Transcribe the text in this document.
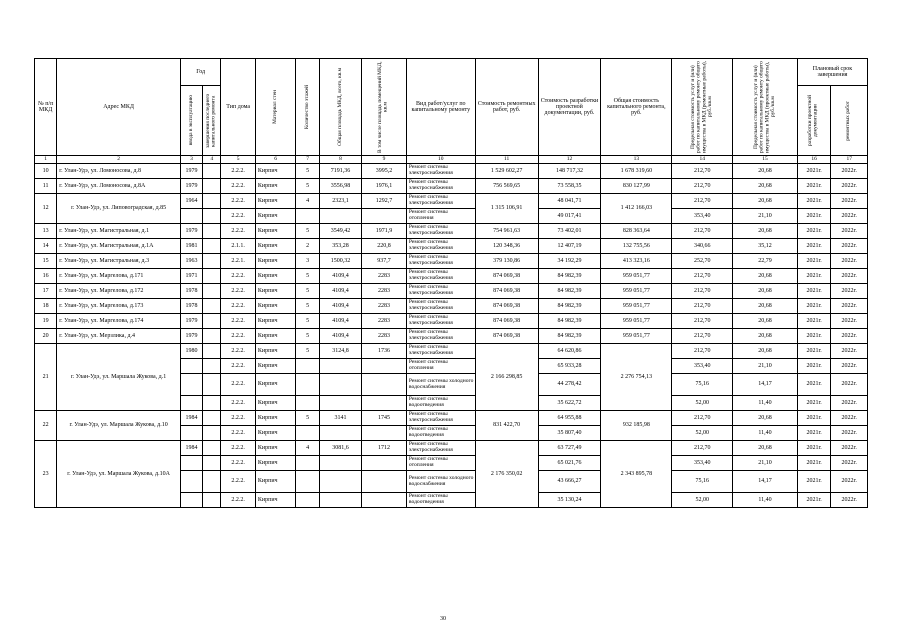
№ п/п МКД	Адрес МКД	Год		Тип дома	Материал стен	Количество этажей	Общая площадь МКД, всего, кв.м	В том числе площадь помещений МКД, кв.м	Вид работ/услуг по капитальному ремонту	Стоимость ремонтных работ, руб.	Стоимость разработки проектной документации, руб.	Общая стоимость капитального ремонта, руб.	Предельная стоимость услуг и (или) работ по капитальному ремонту общего имущества в МКД (ремонтные работы), руб./кв.м	Предельная стоимость услуг и (или) работ по капитальному ремонту общего имущества в МКД (проектные работы), руб./кв.м	Плановый срок завершения	

		ввода в эксплуатацию	завершения последнего капитального ремонта												разработки проектной документации	ремонтных работ

1	2	3	4	5	6	7	8	9	10	11	12	13	14	15	16	17
10	г. Улан-Удэ, ул. Ломоносова, д.8	1979		2.2.2.	Кирпич	5	7191,36	3995,2	Ремонт системы электроснабжения	1 529 602,27	148 717,32	1 678 319,60	212,70	20,68	2021г.	2022г.
11	г. Улан-Удэ, ул. Ломоносова, д.8А	1979		2.2.2.	Кирпич	5	3556,98	1976,1	Ремонт системы электроснабжения	756 569,65	73 558,35	830 127,99	212,70	20,68	2021г.	2022г.
12	г. Улан-Удэ, ул. Липовоградская, д.85	1964		2.2.2.	Кирпич	4	2323,1	1292,7	Ремонт системы электроснабжения	1 315 106,91	48 041,71	1 412 166,03	212,70	20,68	2021г.	2022г.
				2.2.2.	Кирпич				Ремонт системы отопления		49 017,41		353,40	21,10	2021г.	2022г.
13	г. Улан-Удэ, ул. Магистральная, д.1	1979		2.2.2.	Кирпич	5	3549,42	1971,9	Ремонт системы электроснабжения	754 961,63	73 402,01	828 363,64	212,70	20,68	2021г.	2022г.
14	г. Улан-Удэ, ул. Магистральная, д.1А	1981		2.1.1.	Кирпич	2	353,28	220,8	Ремонт системы электроснабжения	120 348,36	12 407,19	132 755,56	340,66	35,12	2021г.	2022г.
15	г. Улан-Удэ, ул. Магистральная, д.3	1963		2.2.1.	Кирпич	3	1500,32	937,7	Ремонт системы электроснабжения	379 130,86	34 192,29	413 323,16	252,70	22,79	2021г.	2022г.
16	г. Улан-Удэ, ул. Маргелова, д.171	1971		2.2.2.	Кирпич	5	4109,4	2283	Ремонт системы электроснабжения	874 069,38	84 982,39	959 051,77	212,70	20,68	2021г.	2022г.
17	г. Улан-Удэ, ул. Маргелова, д.172	1978		2.2.2.	Кирпич	5	4109,4	2283	Ремонт системы электроснабжения	874 069,38	84 982,39	959 051,77	212,70	20,68	2021г.	2022г.
18	г. Улан-Удэ, ул. Маргелова, д.173	1978		2.2.2.	Кирпич	5	4109,4	2283	Ремонт системы электроснабжения	874 069,38	84 982,39	959 051,77	212,70	20,68	2021г.	2022г.
19	г. Улан-Удэ, ул. Маргелова, д.174	1979		2.2.2.	Кирпич	5	4109,4	2283	Ремонт системы электроснабжения	874 069,38	84 982,39	959 051,77	212,70	20,68	2021г.	2022г.
20	г. Улан-Удэ, ул. Мерзлика, д.4	1979		2.2.2.	Кирпич	5	4109,4	2283	Ремонт системы электроснабжения	874 069,38	84 982,39	959 051,77	212,70	20,68	2021г.	2022г.
21	г. Улан-Удэ, ул. Маршала Жукова, д.1	1980		2.2.2.	Кирпич	5	3124,8	1736	Ремонт системы электроснабжения	2 166 298,85	64 620,86	2 276 754,13	212,70	20,68	2021г.	2022г.
				2.2.2.	Кирпич				Ремонт системы отопления		65 933,28		353,40	21,10	2021г.	2022г.
				2.2.2.	Кирпич				Ремонт системы холодного водоснабжения		44 278,42		75,16	14,17	2021г.	2022г.
				2.2.2.	Кирпич				Ремонт системы водоотведения		35 622,72		52,00	11,40	2021г.	2022г.
22	г. Улан-Удэ, ул. Маршала Жукова, д.10	1984		2.2.2.	Кирпич	5	3141	1745	Ремонт системы электроснабжения	831 422,70	64 955,88	932 185,98	212,70	20,68	2021г.	2022г.
				2.2.2.	Кирпич				Ремонт системы водоотведения		35 807,40		52,00	11,40	2021г.	2022г.
23	г. Улан-Удэ, ул. Маршала Жукова, д.10А	1984		2.2.2.	Кирпич	4	3081,6	1712	Ремонт системы электроснабжения	2 176 350,02	63 727,49	2 343 895,78	212,70	20,68	2021г.	2022г.
				2.2.2.	Кирпич				Ремонт системы отопления		65 021,76		353,40	21,10	2021г.	2022г.
				2.2.2.	Кирпич				Ремонт системы холодного водоснабжения		43 666,27		75,16	14,17	2021г.	2022г.
				2.2.2.	Кирпич				Ремонт системы водоотведения		35 130,24		52,00	11,40	2021г.	2022г.
30
